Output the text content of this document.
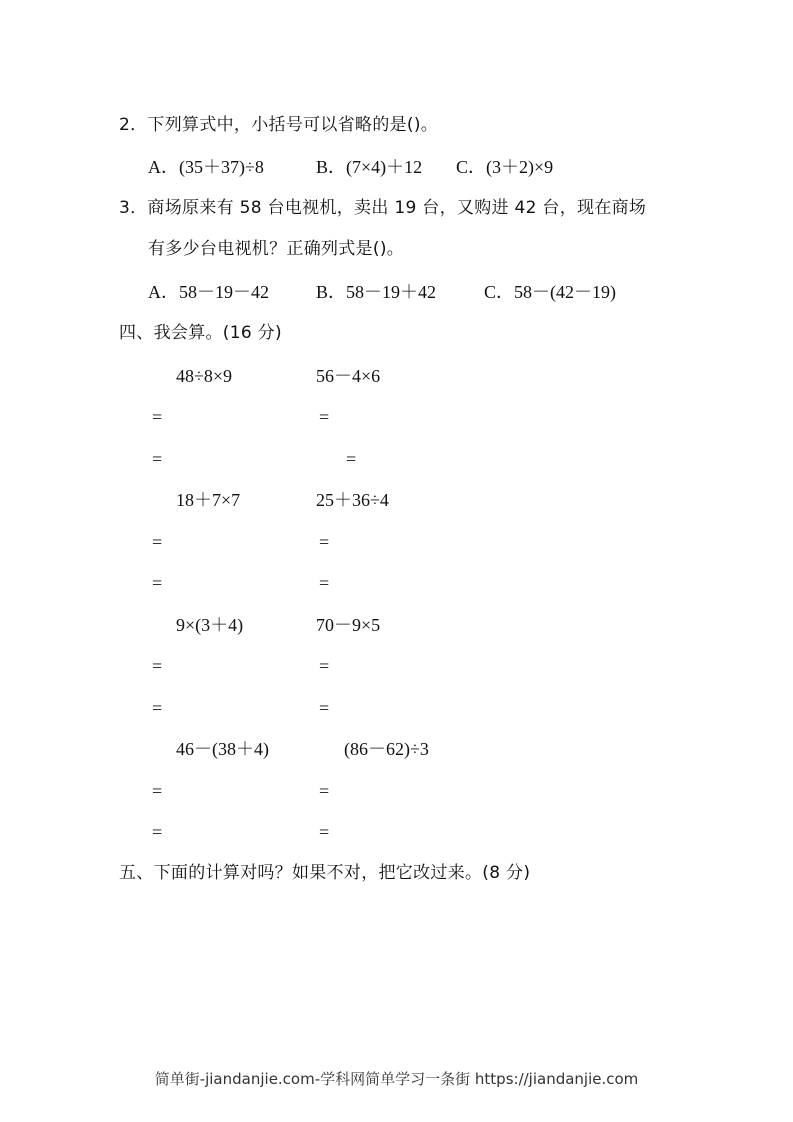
2．下列算式中，小括号可以省略的是()。
A．(35＋37)÷8	B．(7×4)＋12 C．(3＋2)×9
3．商场原来有 58 台电视机，卖出 19 台，又购进 42 台，现在商场
有多少台电视机？正确列式是()。
A．58－19－42	B．58－19＋42	C．58－(42－19)
四、我会算。(16 分)
48÷8×9	56－4×6
=	=
=	=
18＋7×7	25＋36÷4
=	=
=	=
9×(3＋4)	70－9×5
=	=
=	=
46－(38＋4)	(86－62)÷3
=	=
=	=
五、下面的计算对吗？如果不对，把它改过来。(8 分)
简单街-jiandanjie.com-学科网简单学习一条街 https://jiandanjie.com
